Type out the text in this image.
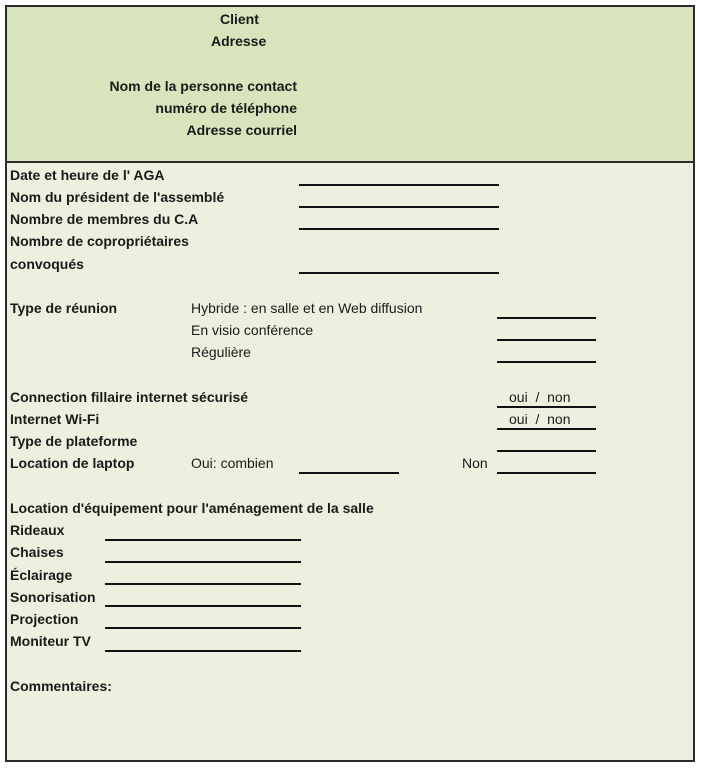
Client
Adresse
Nom de la personne contact
numéro de téléphone
Adresse courriel
Date et heure de l' AGA
Nom du président de l'assemblé
Nombre de membres du C.A
Nombre de copropriétaires
convoqués
Type de réunion	Hybride : en salle et en Web diffusion
En visio conférence
Régulière
Connection fillaire internet sécurisé	oui  /  non
Internet Wi-Fi	oui  /  non
Type de plateforme
Location de laptop	Oui: combien	Non
Location d'équipement pour l'aménagement de la salle
Rideaux
Chaises
Éclairage
Sonorisation
Projection
Moniteur TV
Commentaires:
